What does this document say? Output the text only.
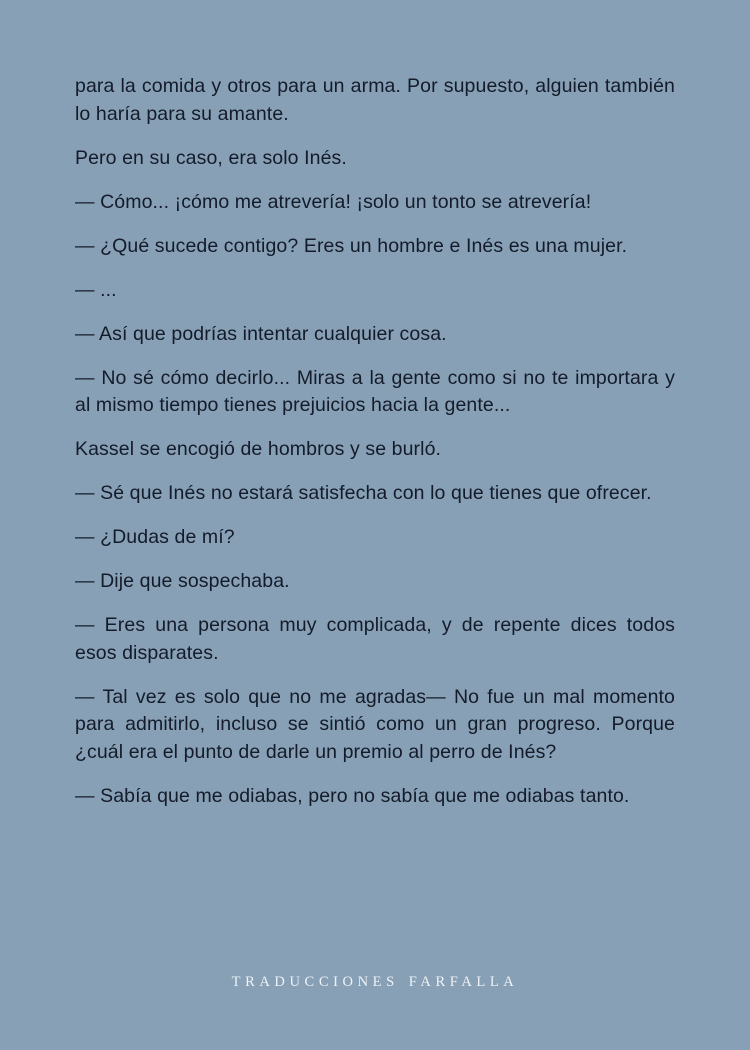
para la comida y otros para un arma. Por supuesto, alguien también lo haría para su amante.

Pero en su caso, era solo Inés.

— Cómo... ¡cómo me atrevería! ¡solo un tonto se atrevería!

— ¿Qué sucede contigo? Eres un hombre e Inés es una mujer.

— ...

— Así que podrías intentar cualquier cosa.

— No sé cómo decirlo... Miras a la gente como si no te importara y al mismo tiempo tienes prejuicios hacia la gente...

Kassel se encogió de hombros y se burló.

— Sé que Inés no estará satisfecha con lo que tienes que ofrecer.

— ¿Dudas de mí?

— Dije que sospechaba.

— Eres una persona muy complicada, y de repente dices todos esos disparates.

— Tal vez es solo que no me agradas— No fue un mal momento para admitirlo, incluso se sintió como un gran progreso. Porque ¿cuál era el punto de darle un premio al perro de Inés?

— Sabía que me odiabas, pero no sabía que me odiabas tanto.

TRADUCCIONES FARFALLA
